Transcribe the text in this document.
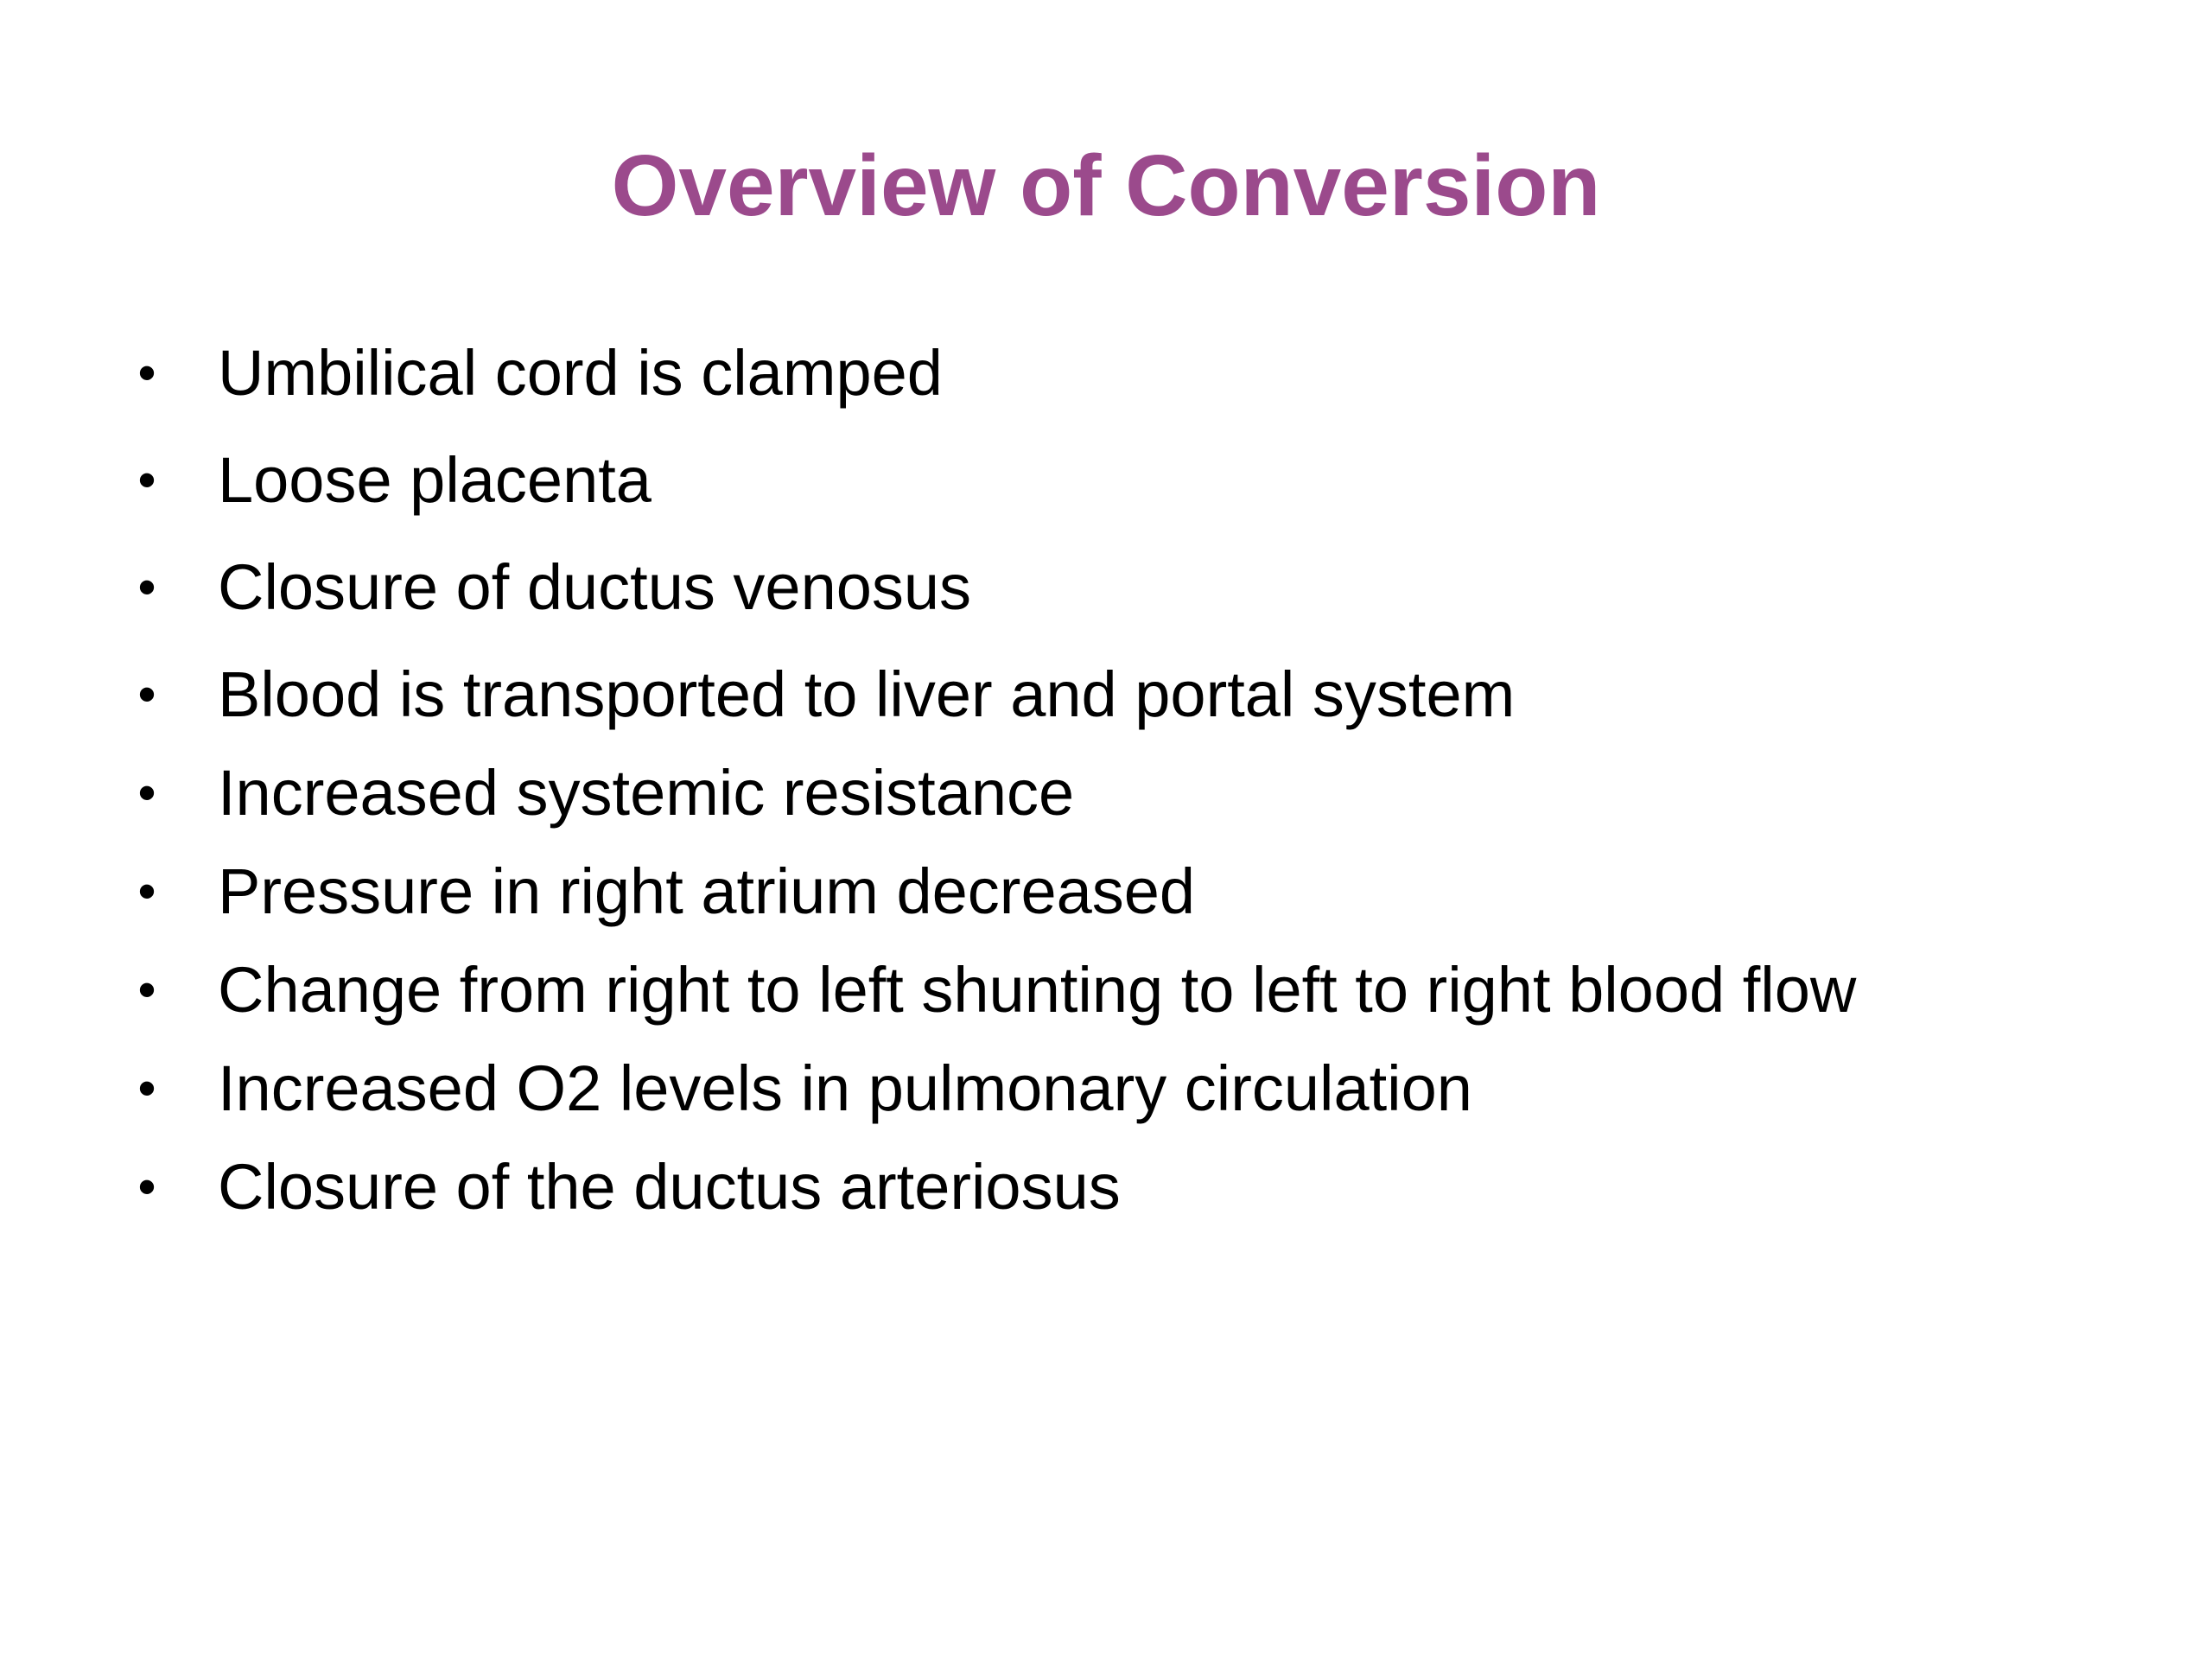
Overview of Conversion
• Umbilical cord is clamped
• Loose placenta
• Closure of ductus venosus
• Blood is transported to liver and portal system
• Increased systemic resistance
• Pressure in right atrium decreased
• Change from right to left shunting to left to right blood flow
• Increased O2 levels in pulmonary circulation
• Closure of the ductus arteriosus
